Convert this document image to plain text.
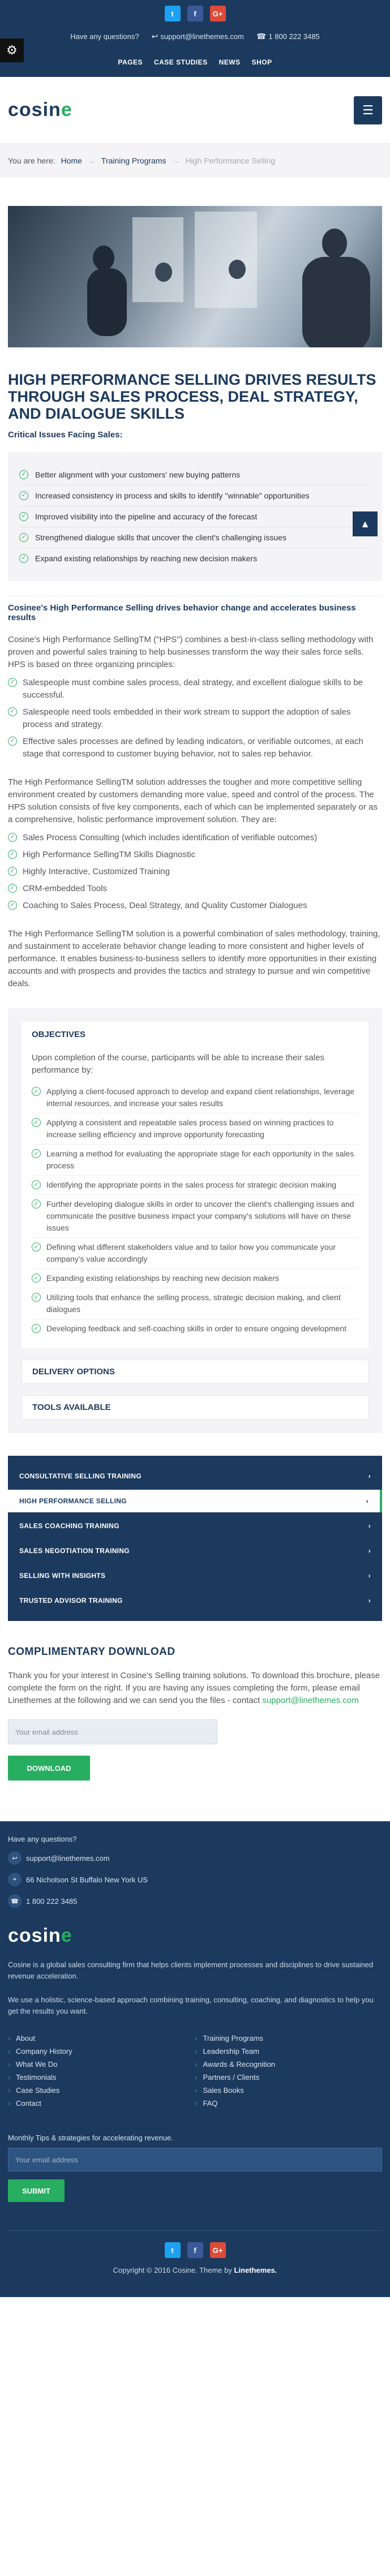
t	f	G+
Have any questions? ↩ support@linethemes.com ☎ 1 800 222 3485
⚙
PAGES CASE STUDIES NEWS SHOP
cosine	☰
You are here: Home → Training Programs → High Performance Selling
HIGH PERFORMANCE SELLING DRIVES RESULTS THROUGH SALES PROCESS, DEAL STRATEGY, AND DIALOGUE SKILLS
Critical Issues Facing Sales:
✓ Better alignment with your customers' new buying patterns
✓ Increased consistency in process and skills to identify "winnable" opportunities
✓ Improved visibility into the pipeline and accuracy of the forecast
✓ Strengthened dialogue skills that uncover the client's challenging issues
✓ Expand existing relationships by reaching new decision makers
▲
Cosinee's High Performance Selling drives behavior change and accelerates business results

Cosine's High Performance SellingTM ("HPS") combines a best-in-class selling methodology with proven and powerful sales training to help businesses transform the way their sales force sells. HPS is based on three organizing principles:

✓ Salespeople must combine sales process, deal strategy, and excellent dialogue skills to be successful.
✓ Salespeople need tools embedded in their work stream to support the adoption of sales process and strategy.
✓ Effective sales processes are defined by leading indicators, or verifiable outcomes, at each stage that correspond to customer buying behavior, not to sales rep behavior.

The High Performance SellingTM solution addresses the tougher and more competitive selling environment created by customers demanding more value, speed and control of the process. The HPS solution consists of five key components, each of which can be implemented separately or as a comprehensive, holistic performance improvement solution. They are:

✓ Sales Process Consulting (which includes identification of verifiable outcomes)
✓ High Performance SellingTM Skills Diagnostic
✓ Highly Interactive, Customized Training
✓ CRM-embedded Tools
✓ Coaching to Sales Process, Deal Strategy, and Quality Customer Dialogues

The High Performance SellingTM solution is a powerful combination of sales methodology, training, and sustainment to accelerate behavior change leading to more consistent and higher levels of performance. It enables business-to-business sellers to identify more opportunities in their existing accounts and with prospects and provides the tactics and strategy to pursue and win competitive deals.

OBJECTIVES

Upon completion of the course, participants will be able to increase their sales performance by:

✓ Applying a client-focused approach to develop and expand client relationships, leverage internal resources, and increase your sales results
✓ Applying a consistent and repeatable sales process based on winning practices to increase selling efficiency and improve opportunity forecasting
✓ Learning a method for evaluating the appropriate stage for each opportunity in the sales process
✓ Identifying the appropriate points in the sales process for strategic decision making
✓ Further developing dialogue skills in order to uncover the client's challenging issues and communicate the positive business impact your company's solutions will have on these issues
✓ Defining what different stakeholders value and to tailor how you communicate your company's value accordingly
✓ Expanding existing relationships by reaching new decision makers
✓ Utilizing tools that enhance the selling process, strategic decision making, and client dialogues
✓ Developing feedback and self-coaching skills in order to ensure ongoing development
DELIVERY OPTIONS
TOOLS AVAILABLE
CONSULTATIVE SELLING TRAINING	›
HIGH PERFORMANCE SELLING	›
SALES COACHING TRAINING	›
SALES NEGOTIATION TRAINING	›
SELLING WITH INSIGHTS	›
TRUSTED ADVISOR TRAINING	›
COMPLIMENTARY DOWNLOAD

Thank you for your interest in Cosine's Selling training solutions. To download this brochure, please complete the form on the right. If you are having any issues completing the form, please email Linethemes at the following and we can send you the files - contact support@linethemes.com

Your email address
DOWNLOAD
Have any questions?
↩	support@linethemes.com
⌖	66 Nicholson St Buffalo New York US
☎	1 800 222 3485
cosine

Cosine is a global sales consulting firm that helps clients implement processes and disciplines to drive sustained revenue acceleration.

We use a holistic, science-based approach combining training, consulting, coaching, and diagnostics to help you get the results you want.

› About	› Training Programs
› Company History	› Leadership Team
› What We Do	› Awards & Recognition
› Testimonials	› Partners / Clients
› Case Studies	› Sales Books
› Contact	› FAQ
Monthly Tips & strategies for accelerating revenue.
Your email address
SUBMIT
t	f	G+
Copyright © 2016 Cosine. Theme by Linethemes.
